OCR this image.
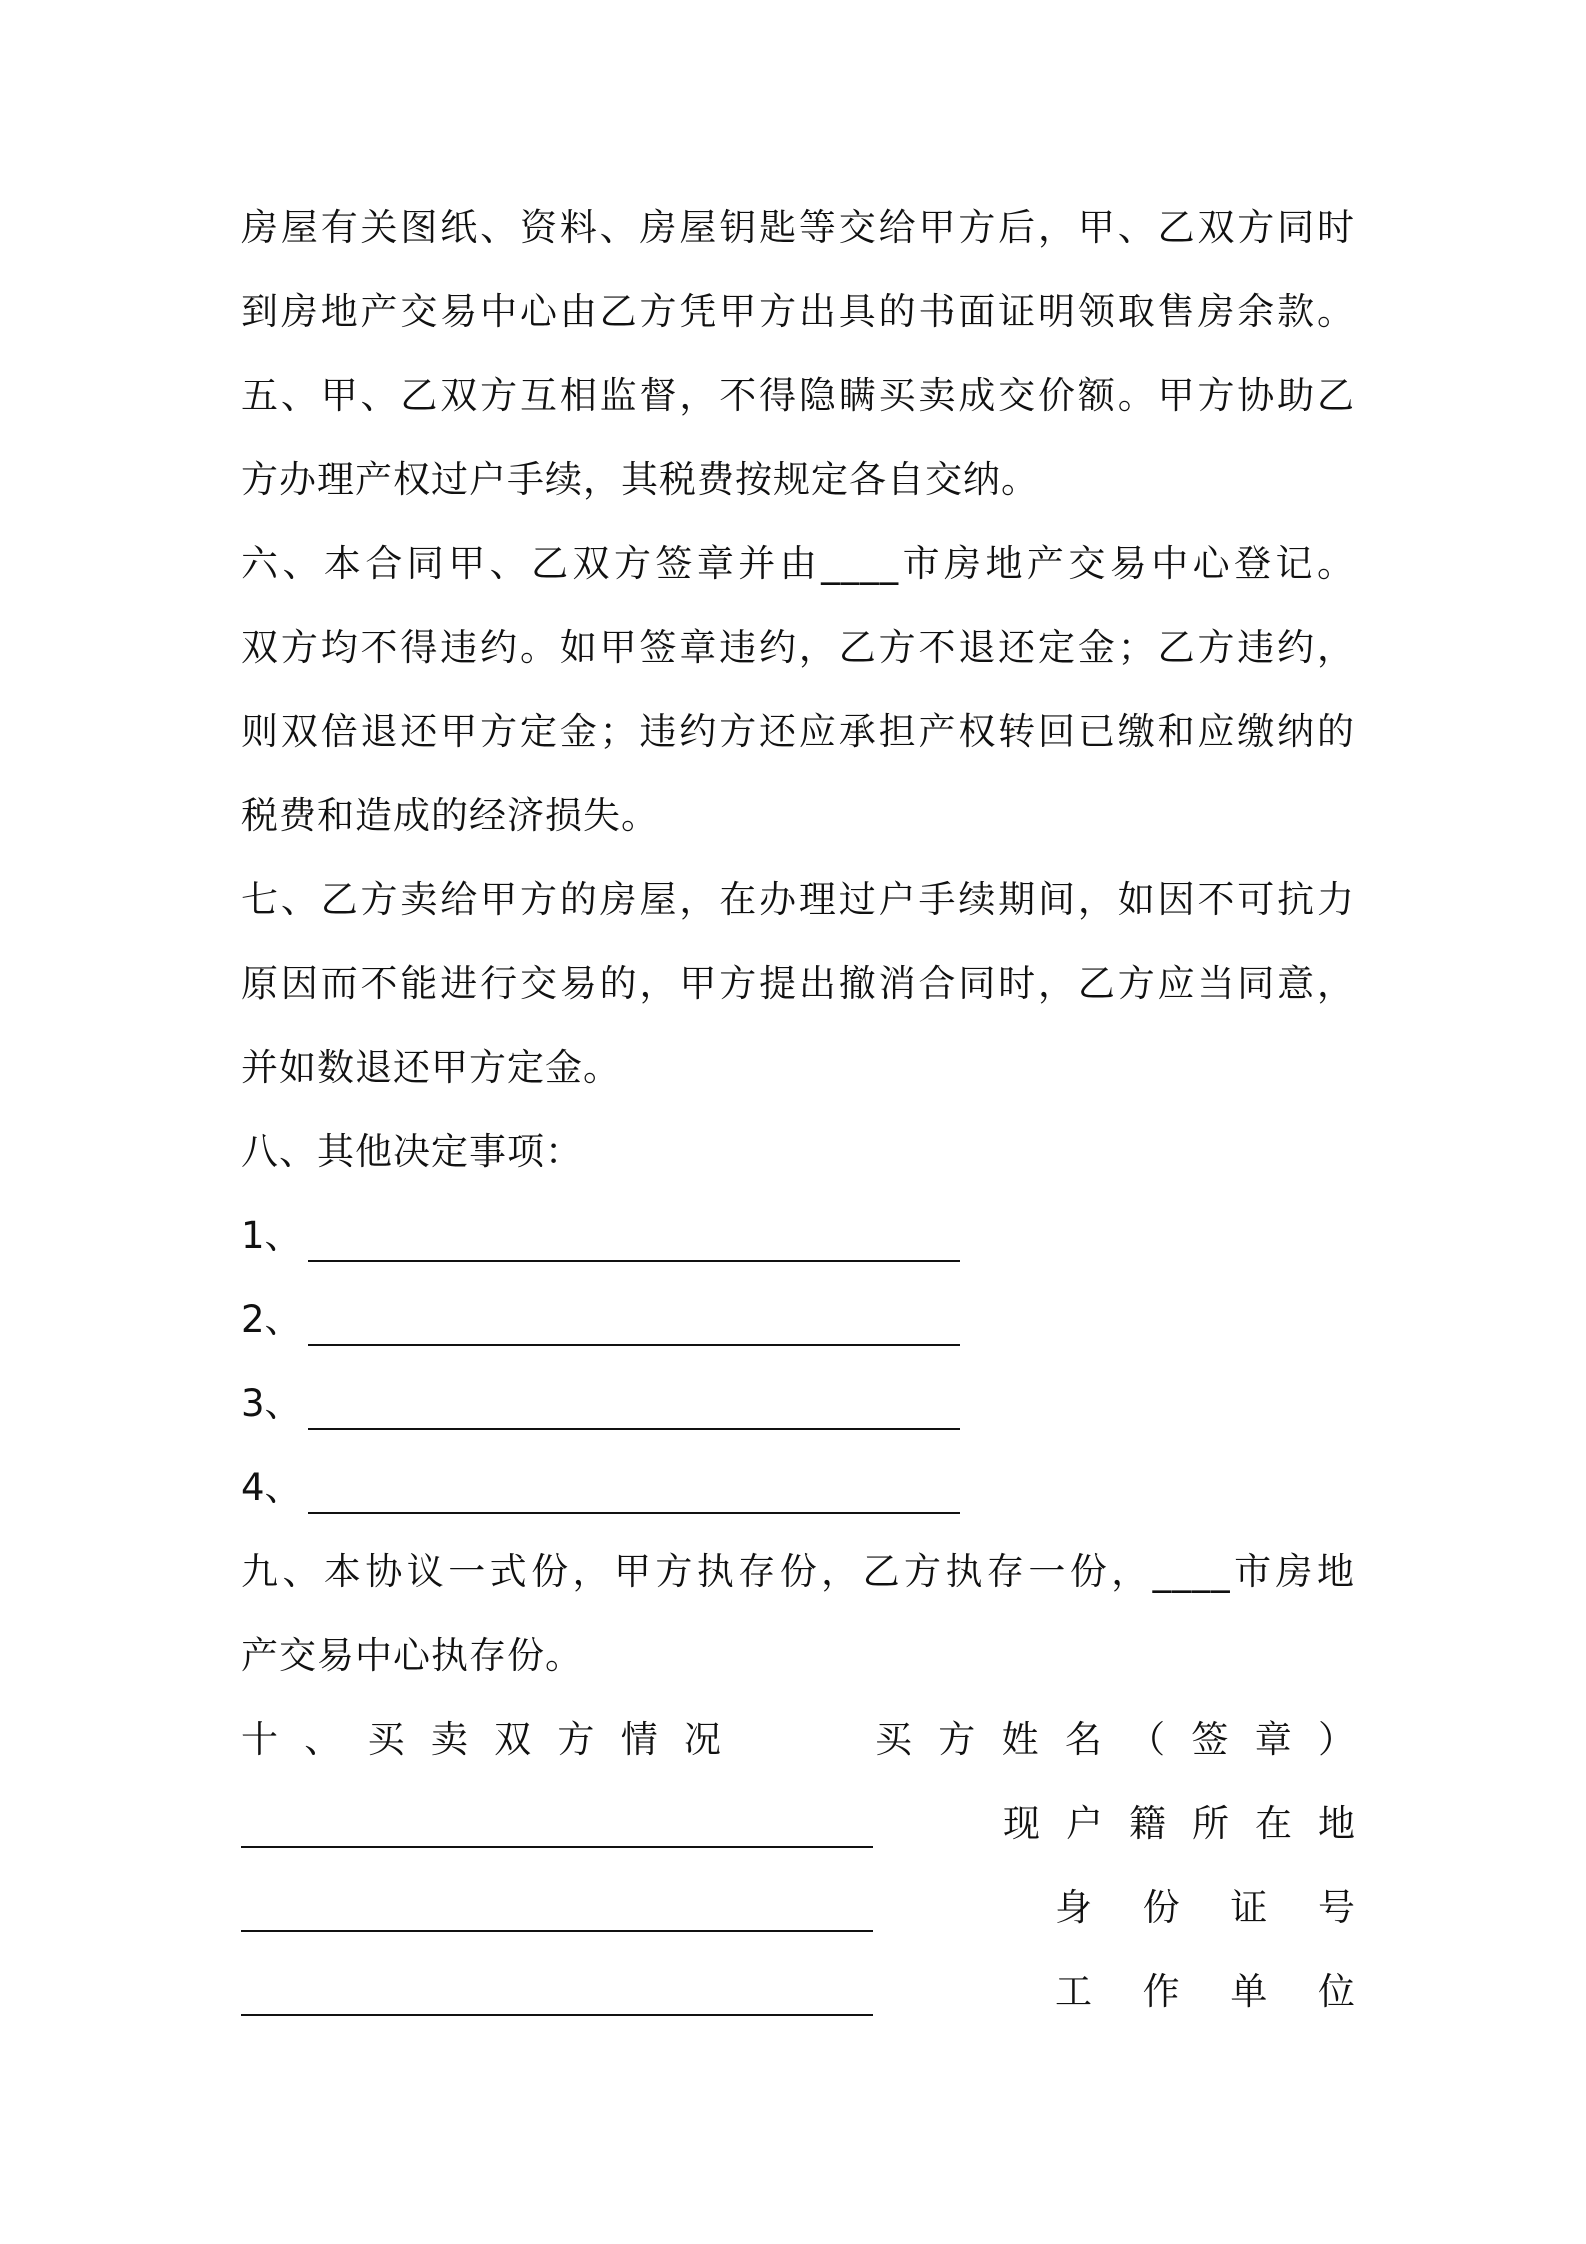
房屋有关图纸、资料、房屋钥匙等交给甲方后，甲、乙双方同时
到房地产交易中心由乙方凭甲方出具的书面证明领取售房余款。
五、甲、乙双方互相监督，不得隐瞒买卖成交价额。甲方协助乙
方办理产权过户手续，其税费按规定各自交纳。
六、本合同甲、乙双方签章并由____市房地产交易中心登记。
双方均不得违约。如甲签章违约，乙方不退还定金；乙方违约，
则双倍退还甲方定金；违约方还应承担产权转回已缴和应缴纳的
税费和造成的经济损失。
七、乙方卖给甲方的房屋，在办理过户手续期间，如因不可抗力
原因而不能进行交易的，甲方提出撤消合同时，乙方应当同意，
并如数退还甲方定金。
八、其他决定事项：
1、
2、
3、
4、
九、本协议一式份，甲方执存份，乙方执存一份，____市房地
产交易中心执存份。
十、买卖双方情况	买方姓名（签章）
现户籍所在地
身份证号
工作单位
